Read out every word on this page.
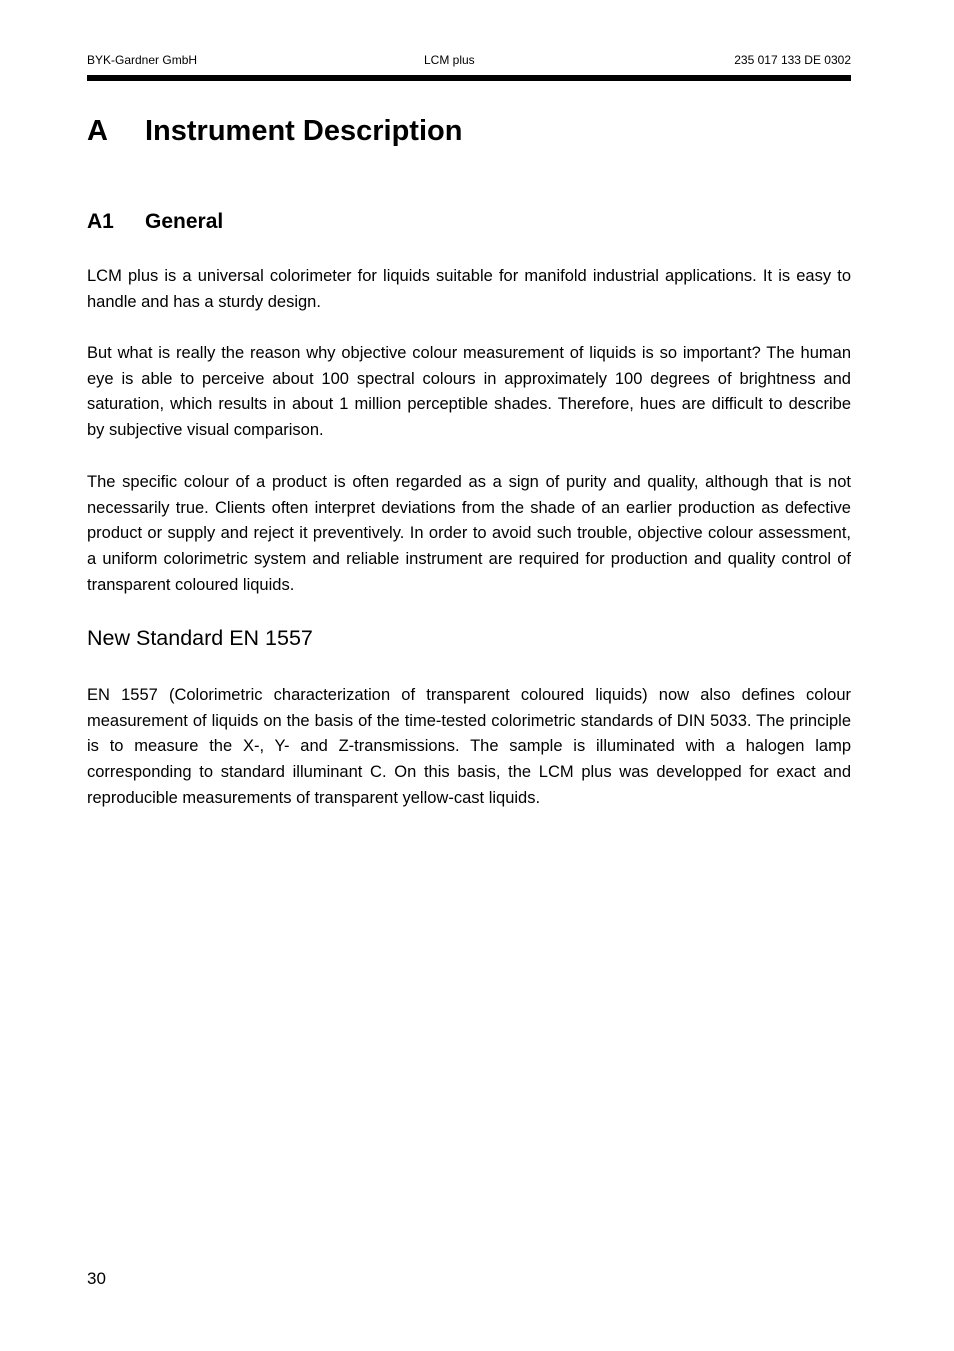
BYK-Gardner GmbH	LCM plus	235 017 133 DE 0302
A Instrument Description
A1 General

LCM plus is a universal colorimeter for liquids suitable for manifold industrial applications. It is easy to handle and has a sturdy design.

But what is really the reason why objective colour measurement of liquids is so important? The human eye is able to perceive about 100 spectral colours in approximately 100 degrees of brightness and saturation, which results in about 1 million perceptible shades. Therefore, hues are difficult to describe by subjective visual comparison.

The specific colour of a product is often regarded as a sign of purity and quality, although that is not necessarily true. Clients often interpret deviations from the shade of an earlier production as defective product or supply and reject it preventively. In order to avoid such trouble, objective colour assessment, a uniform colorimetric system and reliable instrument are required for production and quality control of transparent coloured liquids.

New Standard EN 1557

EN 1557 (Colorimetric characterization of transparent coloured liquids) now also defines colour measurement of liquids on the basis of the time-tested colorimetric standards of DIN 5033. The principle is to measure the X-, Y- and Z-transmissions. The sample is illuminated with a halogen lamp corresponding to standard illuminant C. On this basis, the LCM plus was developped for exact and reproducible measurements of transparent yellow-cast liquids.

30
